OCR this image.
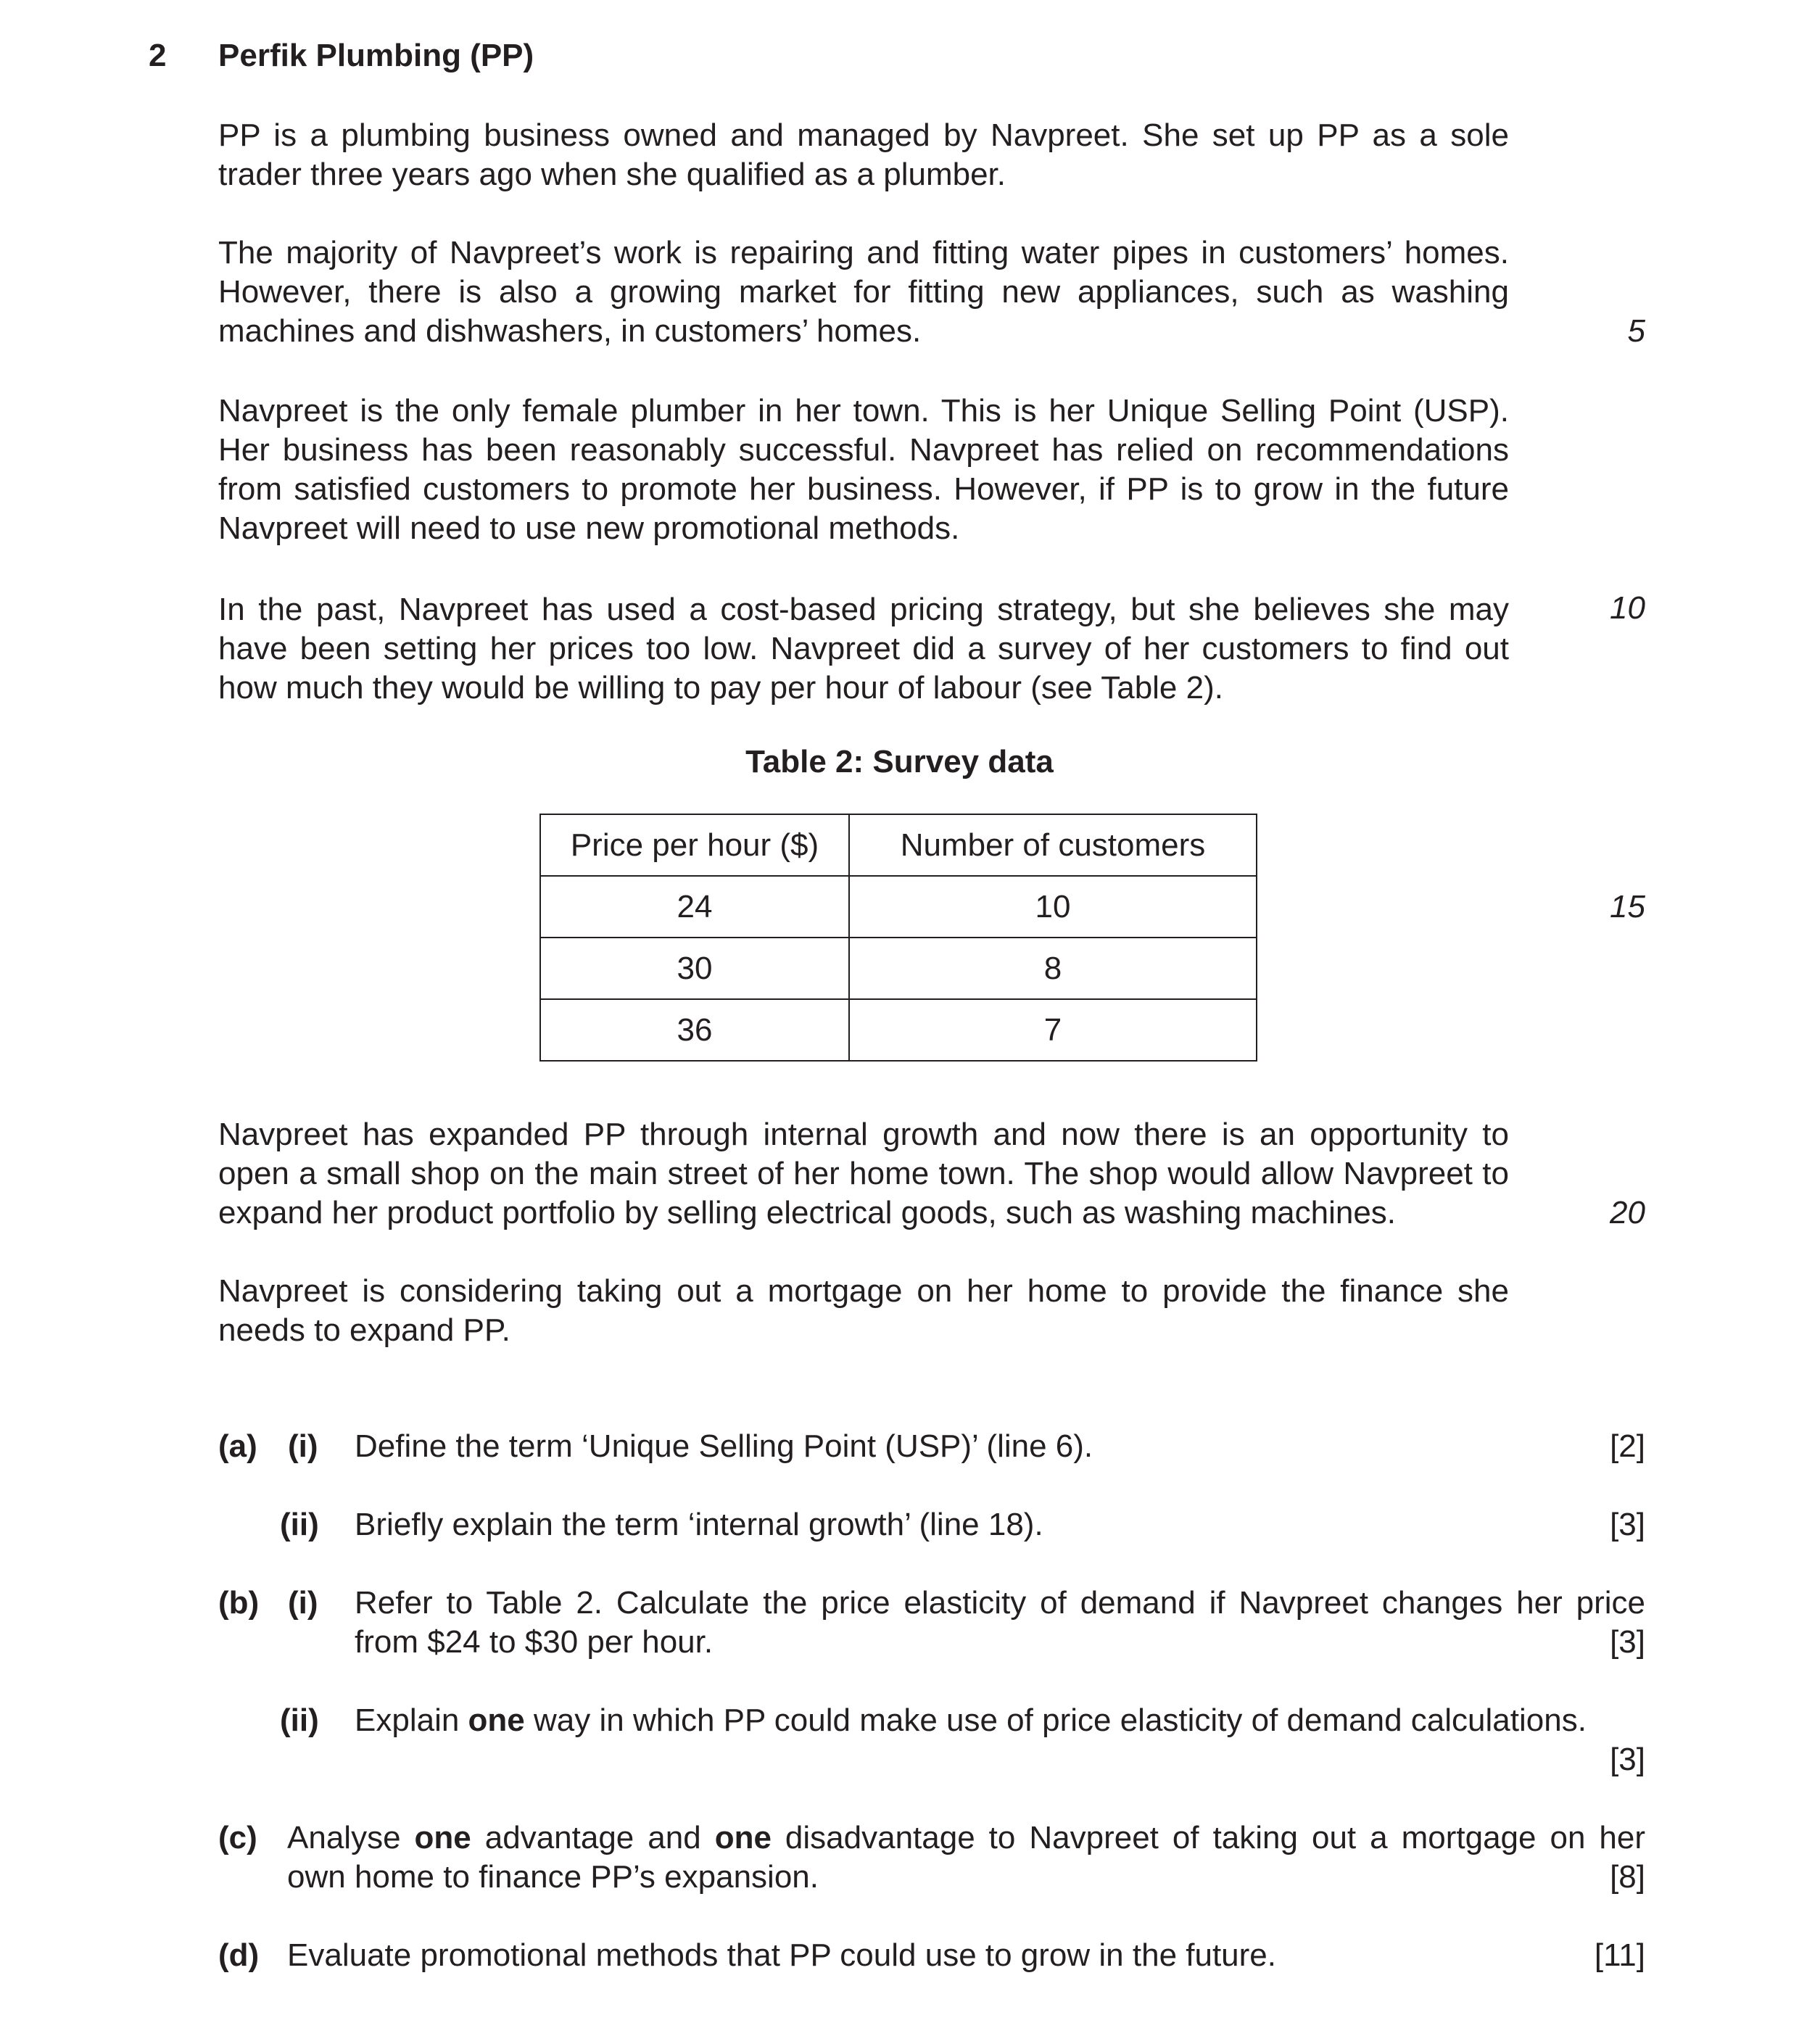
2 Perfik Plumbing (PP)

PP is a plumbing business owned and managed by Navpreet. She set up PP as a sole trader three years ago when she qualified as a plumber.

The majority of Navpreet’s work is repairing and fitting water pipes in customers’ homes. However, there is also a growing market for fitting new appliances, such as washing machines and dishwashers, in customers’ homes.	5

Navpreet is the only female plumber in her town. This is her Unique Selling Point (USP). Her business has been reasonably successful. Navpreet has relied on recommendations from satisfied customers to promote her business. However, if PP is to grow in the future Navpreet will need to use new promotional methods.

In the past, Navpreet has used a cost-based pricing strategy, but she believes she may have been setting her prices too low. Navpreet did a survey of her customers to find out how much they would be willing to pay per hour of labour (see Table 2).

10
Table 2: Survey data
Price per hour ($)	Number of customers
24	10
30	8
36	7
15

Navpreet has expanded PP through internal growth and now there is an opportunity to open a small shop on the main street of her home town. The shop would allow Navpreet to expand her product portfolio by selling electrical goods, such as washing machines.	20

Navpreet is considering taking out a mortgage on her home to provide the finance she needs to expand PP.

(a) (i) Define the term ‘Unique Selling Point (USP)’ (line 6).	[2]
(ii) Briefly explain the term ‘internal growth’ (line 18).	[3]
(b) (i) Refer to Table 2. Calculate the price elasticity of demand if Navpreet changes her price
from $24 to $30 per hour.	[3]
(ii) Explain one way in which PP could make use of price elasticity of demand calculations.
[3]
(c) Analyse one advantage and one disadvantage to Navpreet of taking out a mortgage on her
own home to finance PP’s expansion.	[8]
(d) Evaluate promotional methods that PP could use to grow in the future.	[11]
